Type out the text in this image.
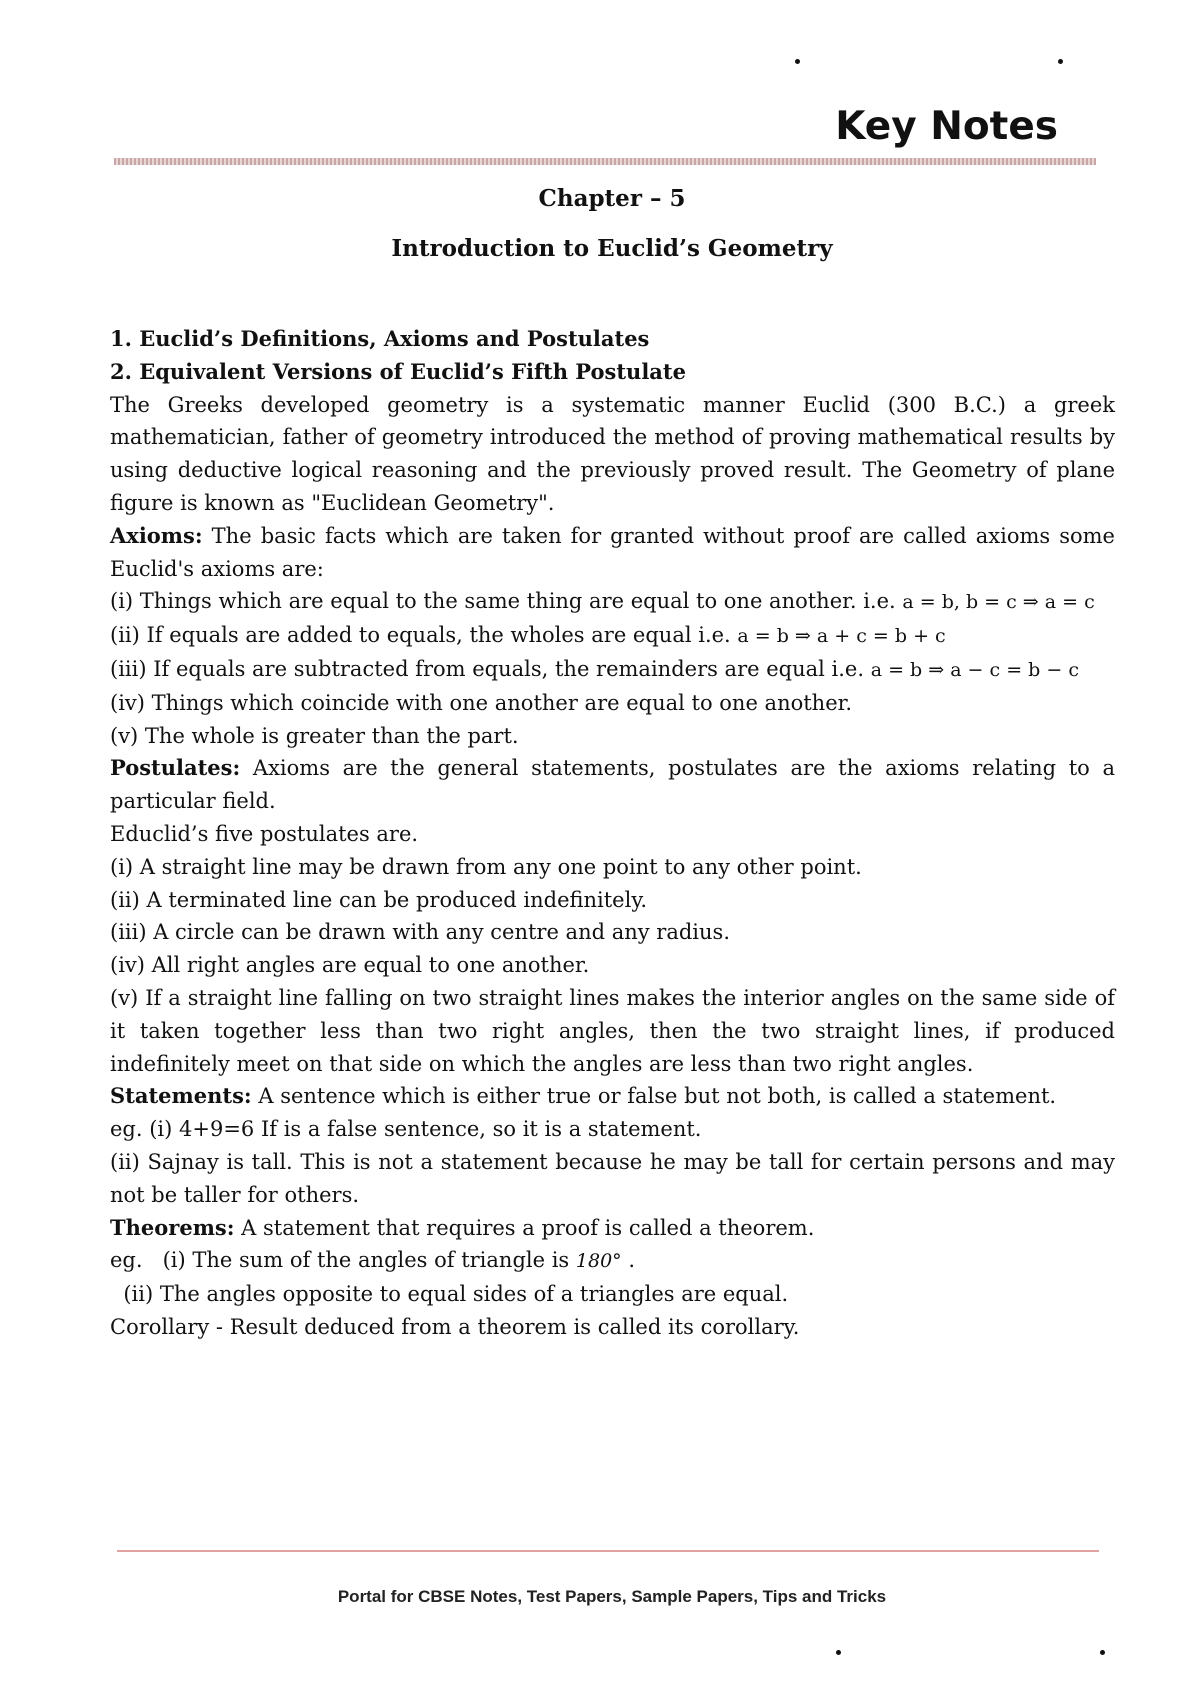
Key Notes
Chapter – 5
Introduction to Euclid’s Geometry

1. Euclid’s Definitions, Axioms and Postulates

2. Equivalent Versions of Euclid’s Fifth Postulate

The Greeks developed geometry is a systematic manner Euclid (300 B.C.) a greek mathematician, father of geometry introduced the method of proving mathematical results by using deductive logical reasoning and the previously proved result. The Geometry of plane figure is known as "Euclidean Geometry".

Axioms: The basic facts which are taken for granted without proof are called axioms some Euclid's axioms are:

(i) Things which are equal to the same thing are equal to one another. i.e. a = b, b = c ⇒ a = c

(ii) If equals are added to equals, the wholes are equal i.e. a = b ⇒ a + c = b + c

(iii) If equals are subtracted from equals, the remainders are equal i.e. a = b ⇒ a − c = b − c

(iv) Things which coincide with one another are equal to one another.

(v) The whole is greater than the part.

Postulates: Axioms are the general statements, postulates are the axioms relating to a particular field.

Educlid’s five postulates are.

(i) A straight line may be drawn from any one point to any other point.

(ii) A terminated line can be produced indefinitely.

(iii) A circle can be drawn with any centre and any radius.

(iv) All right angles are equal to one another.

(v) If a straight line falling on two straight lines makes the interior angles on the same side of it taken together less than two right angles, then the two straight lines, if produced indefinitely meet on that side on which the angles are less than two right angles.

Statements: A sentence which is either true or false but not both, is called a statement.

eg. (i) 4+9=6 If is a false sentence, so it is a statement.

(ii) Sajnay is tall. This is not a statement because he may be tall for certain persons and may not be taller for others.

Theorems: A statement that requires a proof is called a theorem.

eg.   (i) The sum of the angles of triangle is 180° .

(ii) The angles opposite to equal sides of a triangles are equal.

Corollary - Result deduced from a theorem is called its corollary.

Portal for CBSE Notes, Test Papers, Sample Papers, Tips and Tricks
